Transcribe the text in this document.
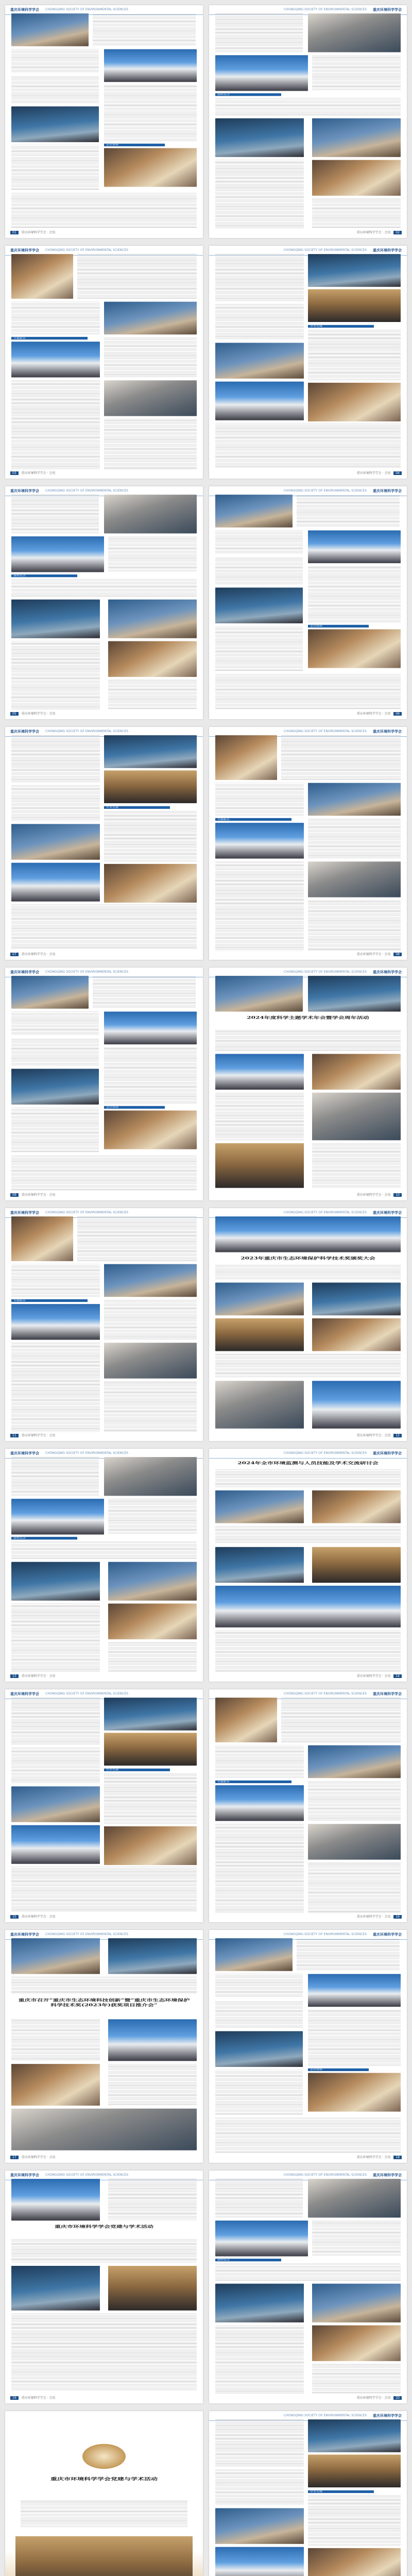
重庆环境科学学会 CHONGQING SOCIETY OF ENVIRONMENTAL SCIENCES
会议现场
01 重庆环境科学学会 · 会讯
重庆环境科学学会
CHONGQING SOCIETY OF ENVIRONMENTAL SCIENCES
颁奖仪式
重庆环境科学学会 · 会讯 02
重庆环境科学学会 CHONGQING SOCIETY OF ENVIRONMENTAL SCIENCES
专题报告
03 重庆环境科学学会 · 会讯
重庆环境科学学会
CHONGQING SOCIETY OF ENVIRONMENTAL SCIENCES
学术交流
重庆环境科学学会 · 会讯 04
重庆环境科学学会 CHONGQING SOCIETY OF ENVIRONMENTAL SCIENCES
颁奖仪式
05 重庆环境科学学会 · 会讯
重庆环境科学学会
CHONGQING SOCIETY OF ENVIRONMENTAL SCIENCES
会议现场
重庆环境科学学会 · 会讯 06
重庆环境科学学会 CHONGQING SOCIETY OF ENVIRONMENTAL SCIENCES
学术交流
07 重庆环境科学学会 · 会讯
重庆环境科学学会
CHONGQING SOCIETY OF ENVIRONMENTAL SCIENCES
专题报告
重庆环境科学学会 · 会讯 08
重庆环境科学学会 CHONGQING SOCIETY OF ENVIRONMENTAL SCIENCES
会议现场
09 重庆环境科学学会 · 会讯
重庆环境科学学会
CHONGQING SOCIETY OF ENVIRONMENTAL SCIENCES
2024年度科学主题学术年会暨学会周年活动
重庆环境科学学会 · 会讯 10
重庆环境科学学会 CHONGQING SOCIETY OF ENVIRONMENTAL SCIENCES
专题报告
11 重庆环境科学学会 · 会讯
重庆环境科学学会
CHONGQING SOCIETY OF ENVIRONMENTAL SCIENCES
2023年重庆市生态环境保护科学技术奖颁奖大会
重庆环境科学学会 · 会讯 12
重庆环境科学学会 CHONGQING SOCIETY OF ENVIRONMENTAL SCIENCES
颁奖仪式
13 重庆环境科学学会 · 会讯
重庆环境科学学会
CHONGQING SOCIETY OF ENVIRONMENTAL SCIENCES
2024年全市环境监测与人员技能及学术交流研讨会
重庆环境科学学会 · 会讯 14
重庆环境科学学会 CHONGQING SOCIETY OF ENVIRONMENTAL SCIENCES
学术交流
15 重庆环境科学学会 · 会讯
重庆环境科学学会
CHONGQING SOCIETY OF ENVIRONMENTAL SCIENCES
专题报告
重庆环境科学学会 · 会讯 16
重庆环境科学学会 CHONGQING SOCIETY OF ENVIRONMENTAL SCIENCES
重庆市召开“重庆市生态环境科技创新”暨“重庆市生态环境保护科学技术奖(2023年)获奖项目推介会”
17 重庆环境科学学会 · 会讯
重庆环境科学学会
CHONGQING SOCIETY OF ENVIRONMENTAL SCIENCES
会议现场
重庆环境科学学会 · 会讯 18
重庆环境科学学会 CHONGQING SOCIETY OF ENVIRONMENTAL SCIENCES
重庆市环境科学学会党建与学术活动
19 重庆环境科学学会 · 会讯
重庆环境科学学会
CHONGQING SOCIETY OF ENVIRONMENTAL SCIENCES
颁奖仪式
重庆环境科学学会 · 会讯 20
重庆市环境科学学会党建与学术活动
重庆环境科学学会
CHONGQING SOCIETY OF ENVIRONMENTAL SCIENCES
学术交流
